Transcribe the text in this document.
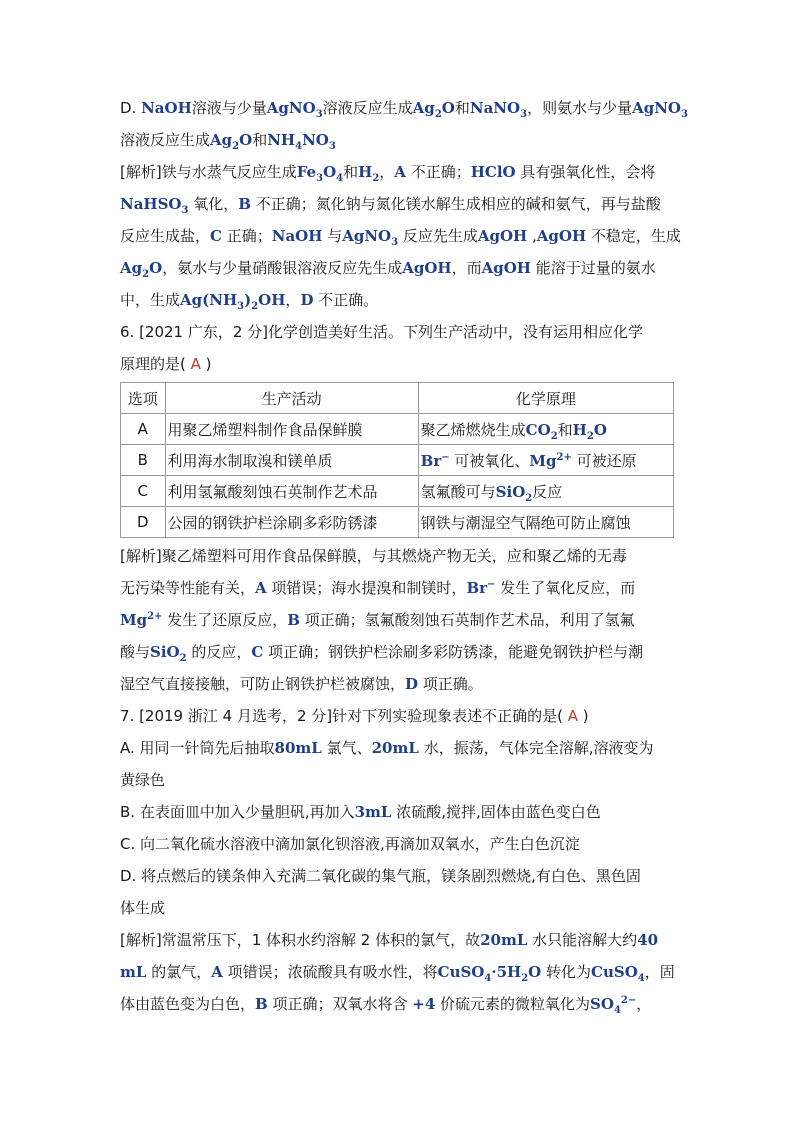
D. NaOH溶液与少量AgNO$_3$溶液反应生成$Ag_2O$和NaNO$_3$，则氨水与少量AgNO$_3$
溶液反应生成$Ag_2O$和$NH_4NO_3$
[解析]铁与水蒸气反应生成$Fe_3O_4$和$H_2$，A 不正确；HClO 具有强氧化性，会将
NaHSO$_3$ 氧化，B 不正确；氮化钠与氮化镁水解生成相应的碱和氨气，再与盐酸
反应生成盐，C 正确；NaOH 与AgNO$_3$ 反应先生成AgOH ,AgOH 不稳定，生成
$Ag_2O$，氨水与少量硝酸银溶液反应先生成AgOH，而AgOH 能溶于过量的氨水
中，生成$Ag(NH_3)_2OH$，D 不正确。
6. [2021 广东，2 分]化学创造美好生活。下列生产活动中，没有运用相应化学
原理的是( A )
选项	生产活动	化学原理
A	用聚乙烯塑料制作食品保鲜膜	聚乙烯燃烧生成$CO_2$和$H_2O$
B	利用海水制取溴和镁单质	Br− 可被氧化、$Mg^{2+}$ 可被还原
C	利用氢氟酸刻蚀石英制作艺术品	氢氟酸可与SiO$_2$反应
D	公园的钢铁护栏涂刷多彩防锈漆	钢铁与潮湿空气隔绝可防止腐蚀
[解析]聚乙烯塑料可用作食品保鲜膜，与其燃烧产物无关，应和聚乙烯的无毒
无污染等性能有关，A 项错误；海水提溴和制镁时，Br− 发生了氧化反应，而
$Mg^{2+}$ 发生了还原反应，B 项正确；氢氟酸刻蚀石英制作艺术品，利用了氢氟
酸与SiO$_2$ 的反应，C 项正确；钢铁护栏涂刷多彩防锈漆，能避免钢铁护栏与潮
湿空气直接接触，可防止钢铁护栏被腐蚀，D 项正确。
7. [2019 浙江 4 月选考，2 分]针对下列实验现象表述不正确的是( A )
A. 用同一针筒先后抽取80mL 氯气、20mL 水，振荡，气体完全溶解,溶液变为
黄绿色
B. 在表面皿中加入少量胆矾,再加入3mL 浓硫酸,搅拌,固体由蓝色变白色
C. 向二氧化硫水溶液中滴加氯化钡溶液,再滴加双氧水，产生白色沉淀
D. 将点燃后的镁条伸入充满二氧化碳的集气瓶，镁条剧烈燃烧,有白色、黑色固
体生成
[解析]常温常压下，1 体积水约溶解 2 体积的氯气，故20mL 水只能溶解大约40
mL 的氯气，A 项错误；浓硫酸具有吸水性，将$CuSO_4\cdot 5H_2O$ 转化为CuSO$_4$，固
体由蓝色变为白色，B 项正确；双氧水将含 +4 价硫元素的微粒氧化为$SO_4^{2-}$，
